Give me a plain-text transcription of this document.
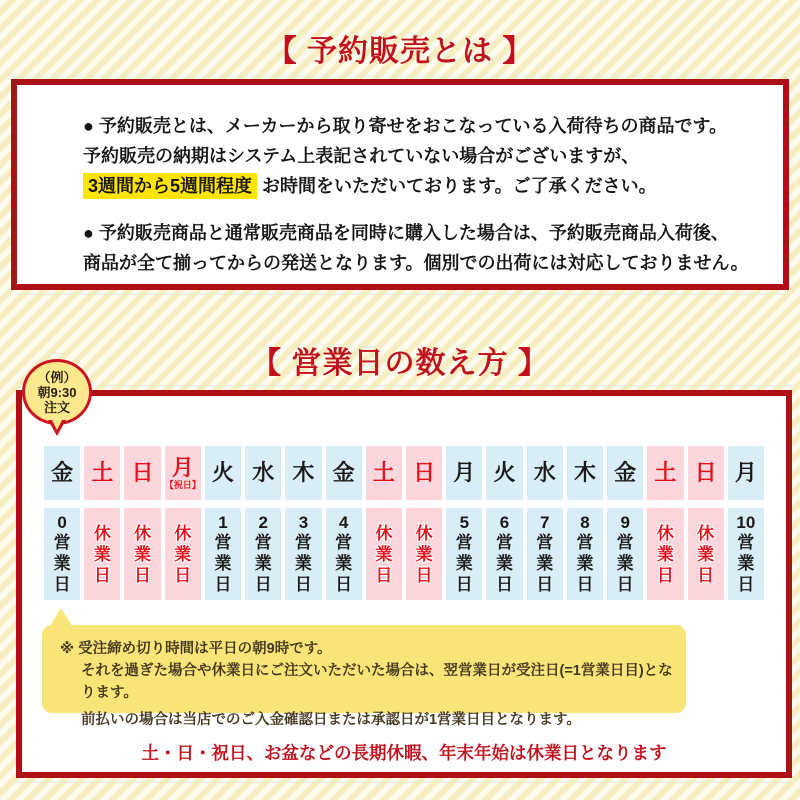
【 予約販売とは 】

● 予約販売とは、メーカーから取り寄せをおこなっている入荷待ちの商品です。
予約販売の納期はシステム上表記されていない場合がございますが、
3週間から5週間程度 お時間をいただいております。ご了承ください。

● 予約販売商品と通常販売商品を同時に購入した場合は、予約販売商品入荷後、
商品が全て揃ってからの発送となります。個別での出荷には対応しておりません。

【 営業日の数え方 】
（例）
朝9:30
注文
金
0
営
業
日
土
休
業
日
日
休
業
日
月
【祝日】
休
業
日
火
1
営
業
日
水
2
営
業
日
木
3
営
業
日
金
4
営
業
日
土
休
業
日
日
休
業
日
月
5
営
業
日
火
6
営
業
日
水
7
営
業
日
木
8
営
業
日
金
9
営
業
日
土
休
業
日
日
休
業
日
月
10
営
業
日
※ 受注締め切り時間は平日の朝9時です。
それを過ぎた場合や休業日にご注文いただいた場合は、翌営業日が受注日(=1営業日目)となります。
前払いの場合は当店でのご入金確認日または承認日が1営業日目となります。
土・日・祝日、お盆などの長期休暇、年末年始は休業日となります
